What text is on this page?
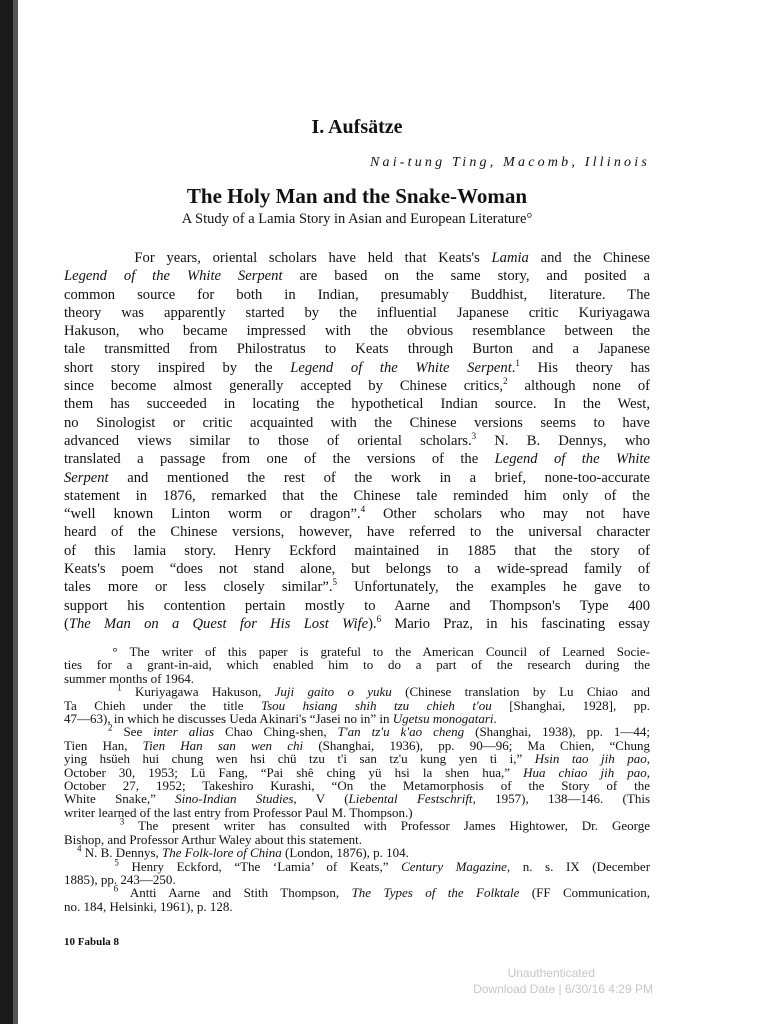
I. Aufsätze
Nai-tung Ting, Macomb, Illinois
The Holy Man and the Snake-Woman
A Study of a Lamia Story in Asian and European Literature°
For years, oriental scholars have held that Keats's Lamia and the Chinese
Legend of the White Serpent are based on the same story, and posited a
common source for both in Indian, presumably Buddhist, literature. The
theory was apparently started by the influential Japanese critic Kuriyagawa
Hakuson, who became impressed with the obvious resemblance between the
tale transmitted from Philostratus to Keats through Burton and a Japanese
short story inspired by the Legend of the White Serpent.$^1$ His theory has
since become almost generally accepted by Chinese critics,$^2$ although none of
them has succeeded in locating the hypothetical Indian source. In the West,
no Sinologist or critic acquainted with the Chinese versions seems to have
advanced views similar to those of oriental scholars.$^3$ N. B. Dennys, who
translated a passage from one of the versions of the Legend of the White
Serpent and mentioned the rest of the work in a brief, none-too-accurate
statement in 1876, remarked that the Chinese tale reminded him only of the
“well known Linton worm or dragon”.$^4$ Other scholars who may not have
heard of the Chinese versions, however, have referred to the universal character
of this lamia story. Henry Eckford maintained in 1885 that the story of
Keats's poem “does not stand alone, but belongs to a wide-spread family of
tales more or less closely similar”.$^5$ Unfortunately, the examples he gave to
support his contention pertain mostly to Aarne and Thompson's Type 400
(The Man on a Quest for His Lost Wife).$^6$ Mario Praz, in his fascinating essay
° The writer of this paper is grateful to the American Council of Learned Socie-
ties for a grant-in-aid, which enabled him to do a part of the research during the
summer months of 1964.
$^1$ Kuriyagawa Hakuson, Juji gaito o yuku (Chinese translation by Lu Chiao and
Ta Chieh under the title Tsou hsiang shih tzu chieh t'ou [Shanghai, 1928], pp.
47—63), in which he discusses Ueda Akinari's “Jasei no in” in Ugetsu monogatari.
$^2$ See inter alias Chao Ching-shen, T'an tz'u k'ao cheng (Shanghai, 1938), pp. 1—44;
Tien Han, Tien Han san wen chi (Shanghai, 1936), pp. 90—96; Ma Chien, “Chung
ying hsüeh hui chung wen hsi chü tzu t'i san tz'u kung yen ti i,” Hsin tao jih pao,
October 30, 1953; Lü Fang, “Pai shê ching yü hsi la shen hua,” Hua chiao jih pao,
October 27, 1952; Takeshiro Kurashi, “On the Metamorphosis of the Story of the
White Snake,” Sino-Indian Studies, V (Liebental Festschrift, 1957), 138—146. (This
writer learned of the last entry from Professor Paul M. Thompson.)
$^3$ The present writer has consulted with Professor James Hightower, Dr. George
Bishop, and Professor Arthur Waley about this statement.
$^4$ N. B. Dennys, The Folk-lore of China (London, 1876), p. 104.
$^5$ Henry Eckford, “The ‘Lamia’ of Keats,” Century Magazine, n. s. IX (December
1885), pp. 243—250.
$^6$ Antti Aarne and Stith Thompson, The Types of the Folktale (FF Communication,
no. 184, Helsinki, 1961), p. 128.
10 Fabula 8
Unauthenticated
Download Date | 6/30/16 4:29 PM
